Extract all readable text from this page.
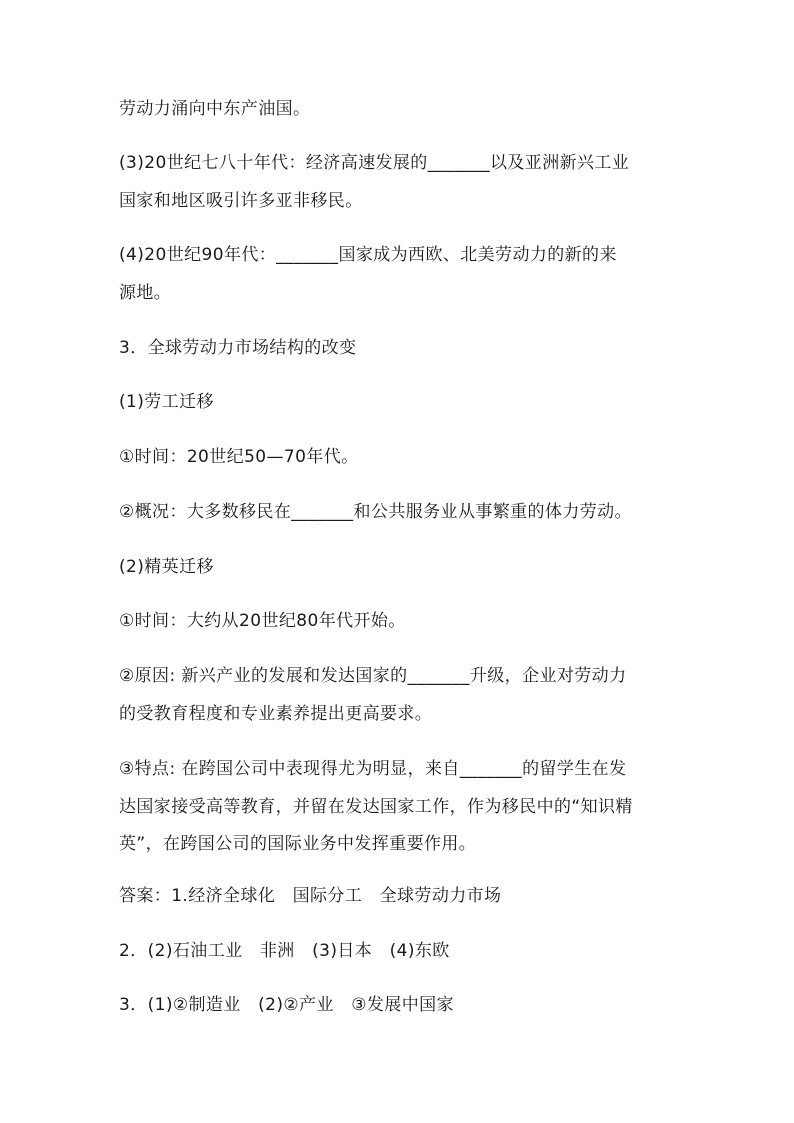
劳动力涌向中东产油国。
(3)20世纪七八十年代：经济高速发展的_______以及亚洲新兴工业
国家和地区吸引许多亚非移民。
(4)20世纪90年代：_______国家成为西欧、北美劳动力的新的来
源地。
3．全球劳动力市场结构的改变
(1)劳工迁移
①时间：20世纪50—70年代。
②概况：大多数移民在_______和公共服务业从事繁重的体力劳动。
(2)精英迁移
①时间：大约从20世纪80年代开始。
②原因: 新兴产业的发展和发达国家的_______升级，企业对劳动力
的受教育程度和专业素养提出更高要求。
③特点: 在跨国公司中表现得尤为明显，来自_______的留学生在发
达国家接受高等教育，并留在发达国家工作，作为移民中的“知识精
英”，在跨国公司的国际业务中发挥重要作用。
答案：1.经济全球化　国际分工　全球劳动力市场
2．(2)石油工业　非洲　(3)日本　(4)东欧
3．(1)②制造业　(2)②产业　③发展中国家
